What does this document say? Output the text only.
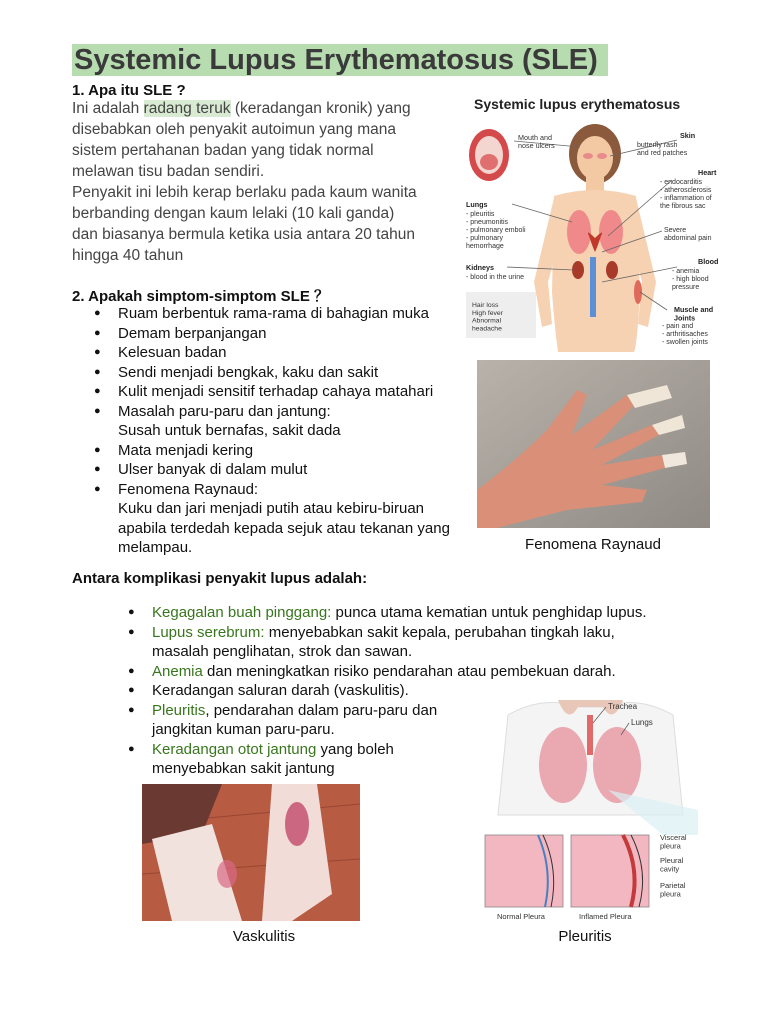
Systemic Lupus Erythematosus (SLE)
1. Apa itu SLE ?
Ini adalah radang teruk (keradangan kronik) yang
disebabkan oleh penyakit autoimun yang mana
sistem pertahanan badan yang tidak normal
melawan tisu badan sendiri.
Penyakit ini lebih kerap berlaku pada kaum wanita
berbanding dengan kaum lelaki (10 kali ganda)
dan biasanya bermula ketika usia antara 20 tahun
hingga 40 tahun
2. Apakah simptom-simptom SLE ？
● Ruam berbentuk rama-rama di bahagian muka
● Demam berpanjangan
● Kelesuan badan
● Sendi menjadi bengkak, kaku dan sakit
● Kulit menjadi sensitif terhadap cahaya matahari
● Masalah paru-paru dan jantung:
Susah untuk bernafas, sakit dada
● Mata menjadi kering
● Ulser banyak di dalam mulut
● Fenomena Raynaud:
Kuku dan jari menjadi putih atau kebiru-biruan
apabila terdedah kepada sejuk atau tekanan yang
melampau.
Antara komplikasi penyakit lupus adalah:
● Kegagalan buah pinggang: punca utama kematian untuk penghidap lupus.
● Lupus serebrum: menyebabkan sakit kepala, perubahan tingkah laku,
masalah penglihatan, strok dan sawan.
● Anemia dan meningkatkan risiko pendarahan atau pembekuan darah.
● Keradangan saluran darah (vaskulitis).
● Pleuritis, pendarahan dalam paru-paru dan
jangkitan kuman paru-paru.
● Keradangan otot jantung yang boleh
menyebabkan sakit jantung
Systemic lupus erythematosus
Mouth and nose ulcers
Skin
butterfly rash and red patches
Heart
- endocarditis - atherosclerosis - inflammation of the fibrous sac
Lungs
- pleuritis - pneumonitis - pulmonary emboli - pulmonary hemorrhage
Severe abdominal pain
Kidneys
- blood in the urine
Blood
- anemia - high blood pressure
Hair loss High fever Abnormal headache
Muscle and Joints
- pain and - arthritisaches - swollen joints
Trachea
Lungs
Visceral pleura
Pleural cavity
Parietal pleura
Normal Pleura	Inflamed Pleura
Fenomena Raynaud
Vaskulitis	Pleuritis
